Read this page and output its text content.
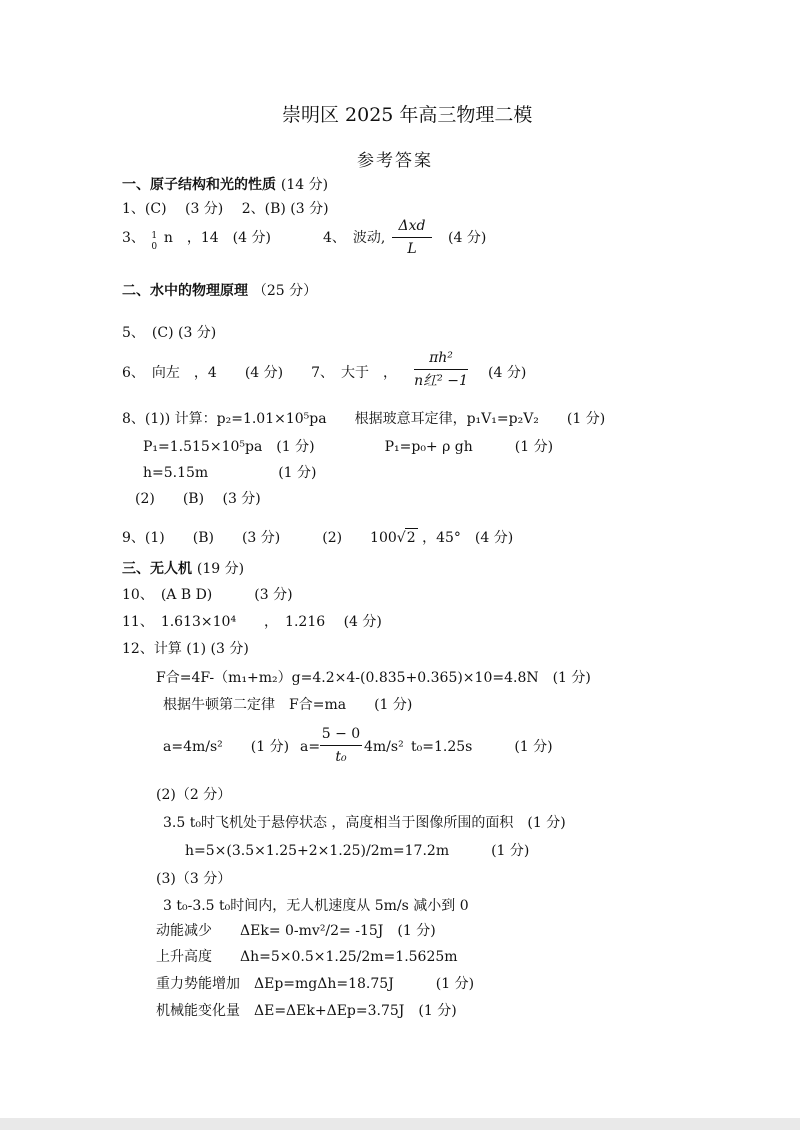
崇明区 2025 年高三物理二模
参考答案
一、原子结构和光的性质 (14 分)
1、(C)　 (3 分)　 2、(B) (3 分)
3、 1
0
n　，14　(4 分)	4、　波动,
Δxd
L
(4 分)
二、水中的物理原理 （25 分）
5、　(C) (3 分)
6、　向左　，4　　(4 分)　　7、　大于　，
πh²
n红² −1 (4 分)
8、(1)) 计算：p₂=1.01×10⁵pa　　根据玻意耳定律，p₁V₁=p₂V₂　　(1 分)
P₁=1.515×10⁵pa　(1 分)　　　　　P₁=p₀+ ρ gh　　　(1 分)
h=5.15m　　　　　(1 分)
(2)　　(B)　 (3 分)
9、(1)　　(B)　　(3 分)　　　(2)　　100√2 ，45°　(4 分)
三、无人机 (19 分)
10、　(A B D)　　　(3 分)
11、　1.613×10⁴　　，　1.216　 (4 分)
12、计算 (1) (3 分)
F合=4F-（m₁+m₂）g=4.2×4-(0.835+0.365)×10=4.8N　(1 分)
根据牛顿第二定律　F合=ma　　(1 分)
a=4m/s²　　(1 分) a=
5 − 0
t₀
4m/s² t₀=1.25s　　　(1 分)
(2)（2 分）
3.5 t₀时飞机处于悬停状态 ，高度相当于图像所围的面积　(1 分)
h=5×(3.5×1.25+2×1.25)/2m=17.2m　　　(1 分)
(3)（3 分）
3 t₀-3.5 t₀时间内，无人机速度从 5m/s 减小到 0
动能减少　　ΔEk= 0-mv²/2= -15J　(1 分)
上升高度　　Δh=5×0.5×1.25/2m=1.5625m
重力势能增加　ΔEp=mgΔh=18.75J　　　(1 分)
机械能变化量　ΔE=ΔEk+ΔEp=3.75J　(1 分)
